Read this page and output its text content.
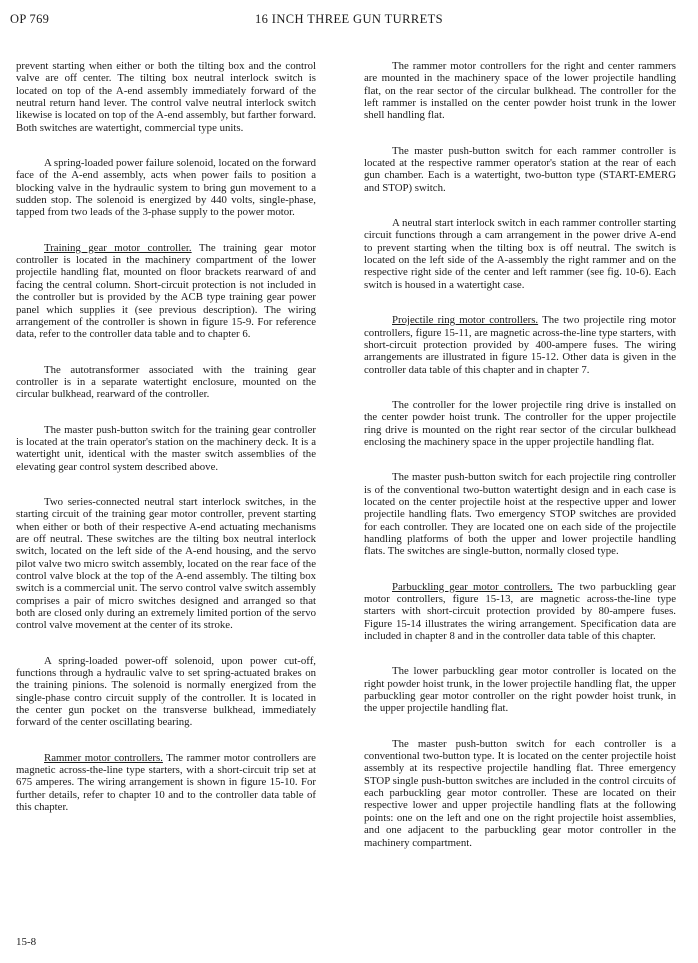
OP 769	16 INCH THREE GUN TURRETS

prevent starting when either or both the tilting box and the control valve are off center. The tilting box neutral interlock switch is located on top of the A-end assembly immediately forward of the neutral return hand lever. The control valve neutral interlock switch likewise is located on top of the A-end assembly, but farther forward. Both switches are watertight, commercial type units.

A spring-loaded power failure solenoid, located on the forward face of the A-end assembly, acts when power fails to position a blocking valve in the hydraulic system to bring gun movement to a sudden stop. The solenoid is energized by 440 volts, single-phase, tapped from two leads of the 3-phase supply to the power motor.

Training gear motor controller. The training gear motor controller is located in the machinery compartment of the lower projectile handling flat, mounted on floor brackets rearward of and facing the central column. Short-circuit protection is not included in the controller but is provided by the ACB type training gear power panel which supplies it (see previous description). The wiring arrangement of the controller is shown in figure 15-9. For reference data, refer to the controller data table and to chapter 6.

The autotransformer associated with the training gear controller is in a separate watertight enclosure, mounted on the circular bulkhead, rearward of the controller.

The master push-button switch for the training gear controller is located at the train operator's station on the machinery deck. It is a watertight unit, identical with the master switch assemblies of the elevating gear control system described above.

Two series-connected neutral start interlock switches, in the starting circuit of the training gear motor controller, prevent starting when either or both of their respective A-end actuating mechanisms are off neutral. These switches are the tilting box neutral interlock switch, located on the left side of the A-end housing, and the servo pilot valve two micro switch assembly, located on the rear face of the control valve block at the top of the A-end assembly. The tilting box switch is a commercial unit. The servo control valve switch assembly comprises a pair of micro switches designed and arranged so that both are closed only during an extremely limited portion of the servo control valve movement at the center of its stroke.

A spring-loaded power-off solenoid, upon power cut-off, functions through a hydraulic valve to set spring-actuated brakes on the training pinions. The solenoid is normally energized from the single-phase contro circuit supply of the controller. It is located in the center gun pocket on the transverse bulkhead, immediately forward of the center oscillating bearing.

Rammer motor controllers. The rammer motor controllers are magnetic across-the-line type starters, with a short-circuit trip set at 675 amperes. The wiring arrangement is shown in figure 15-10. For further details, refer to chapter 10 and to the controller data table of this chapter.

The rammer motor controllers for the right and center rammers are mounted in the machinery space of the lower projectile handling flat, on the rear sector of the circular bulkhead. The controller for the left rammer is installed on the center powder hoist trunk in the lower shell handling flat.

The master push-button switch for each rammer controller is located at the respective rammer operator's station at the rear of each gun chamber. Each is a watertight, two-button type (START-EMERG and STOP) switch.

A neutral start interlock switch in each rammer controller starting circuit functions through a cam arrangement in the power drive A-end to prevent starting when the tilting box is off neutral. The switch is located on the left side of the A-assembly the right rammer and on the respective right side of the center and left rammer (see fig. 10-6). Each switch is housed in a watertight case.

Projectile ring motor controllers. The two projectile ring motor controllers, figure 15-11, are magnetic across-the-line type starters, with short-circuit protection provided by 400-ampere fuses. The wiring arrangements are illustrated in figure 15-12. Other data is given in the controller data table of this chapter and in chapter 7.

The controller for the lower projectile ring drive is installed on the center powder hoist trunk. The controller for the upper projectile ring drive is mounted on the right rear sector of the circular bulkhead enclosing the machinery space in the upper projectile handling flat.

The master push-button switch for each projectile ring controller is of the conventional two-button watertight design and in each case is located on the center projectile hoist at the respective upper and lower projectile handling flats. Two emergency STOP switches are provided for each controller. They are located one on each side of the projectile handling platforms of both the upper and lower projectile handling flats. The switches are single-button, normally closed type.

Parbuckling gear motor controllers. The two parbuckling gear motor controllers, figure 15-13, are magnetic across-the-line type starters with short-circuit protection provided by 80-ampere fuses. Figure 15-14 illustrates the wiring arrangement. Specification data are included in chapter 8 and in the controller data table of this chapter.

The lower parbuckling gear motor controller is located on the right powder hoist trunk, in the lower projectile handling flat, the upper parbuckling gear motor controller on the right powder hoist trunk, in the upper projectile handling flat.

The master push-button switch for each controller is a conventional two-button type. It is located on the center projectile hoist assembly at its respective projectile handling flat. Three emergency STOP single push-button switches are included in the control circuits of each parbuckling gear motor controller. These are located on their respective lower and upper projectile handling flats at the following points: one on the left and one on the right projectile hoist assemblies, and one adjacent to the parbuckling gear motor controller in the machinery compartment.

15-8
